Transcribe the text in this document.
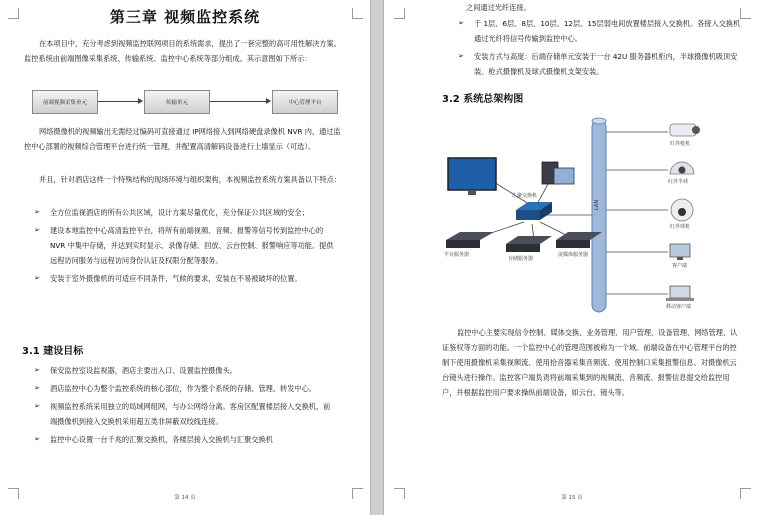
第三章 视频监控系统

在本项目中，充分考虑到视频监控联网项目的系统需求，提出了一套完整的高可用性解决方案。监控系统由前端图像采集系统、传输系统、监控中心系统等部分组成。其示意图如下所示：

前端视频采集单元	传输单元	中心管理平台

网络摄像机的视频输出无需经过编码可直接通过 IP网络接入到网络硬盘录像机 NVR 内，通过监控中心部署的视频综合管理平台进行统一管理，并配置高清解码设备进行上墙显示（可选）。

并且，针对酒店这样一个特殊结构的现场环境与组织架构，本视频监控系统方案具备以下特点：

➢ 全方位监视酒店的所有公共区域，设计方案尽量优化，充分保证公共区域的安全；
➢ 建设本地监控中心高清监控平台，将所有前端视频、音频、报警等信号传到监控中心的 NVR 中集中存储，并达到实时显示、录像存储、回放、云台控制、报警响应等功能。提供远程访问服务与远程访问身份认证及权限分配等服务。
➢ 安装于室外摄像机的可适应不同条件、气候的要求，安装在不易被破坏的位置。
3.1 建设目标
➢ 保安监控室设监视器，酒店主要出入口、设置监控摄像头。
➢ 酒店监控中心为整个监控系统的核心部位，作为整个系统的存储、管理、转发中心。
➢ 视频监控系统采用独立的局域网组网，与办公网络分离。客房区配置楼层接入交换机，前端摄像机到接入交换机采用超五类非屏蔽双绞线连接。
➢ 监控中心设置一台千兆的汇聚交换机，各楼层接入交换机与汇聚交换机
第 14 页

之间通过光纤连接。

➢ 于 1层、6层、8层、10层、12层、15层弱电间放置楼层接入交换机。各接入交换机通过光纤将信号传输到监控中心。
➢ 安装方式与高度：后端存储单元安装于一台 42U 服务器机柜内，半球摄像机吸顶安装、枪式摄像机及球式摄像机支架安装。
3.2 系统总架构图
汇聚交换机
LAN
平台服务器
存储服务器
流媒体服务器
红外枪机
红外半球
红外球机
客户端
移动客户端

监控中心主要实现信令控制、媒体交换、业务管理、用户管理、设备管理、网络管理、认证鉴权等方面的功能。一个监控中心的管理范围被称为一个域。前端设备在中心管理平台的控制下使用摄像机采集视频流、使用拾音器采集音频流、使用控制口采集报警信息、对摄像机云台镜头进行操作。监控客户端负责将前端采集到的视频流、音频流、报警信息提交给监控用户，并根据监控用户要求操纵前端设备，如云台、镜头等。

第 15 页
